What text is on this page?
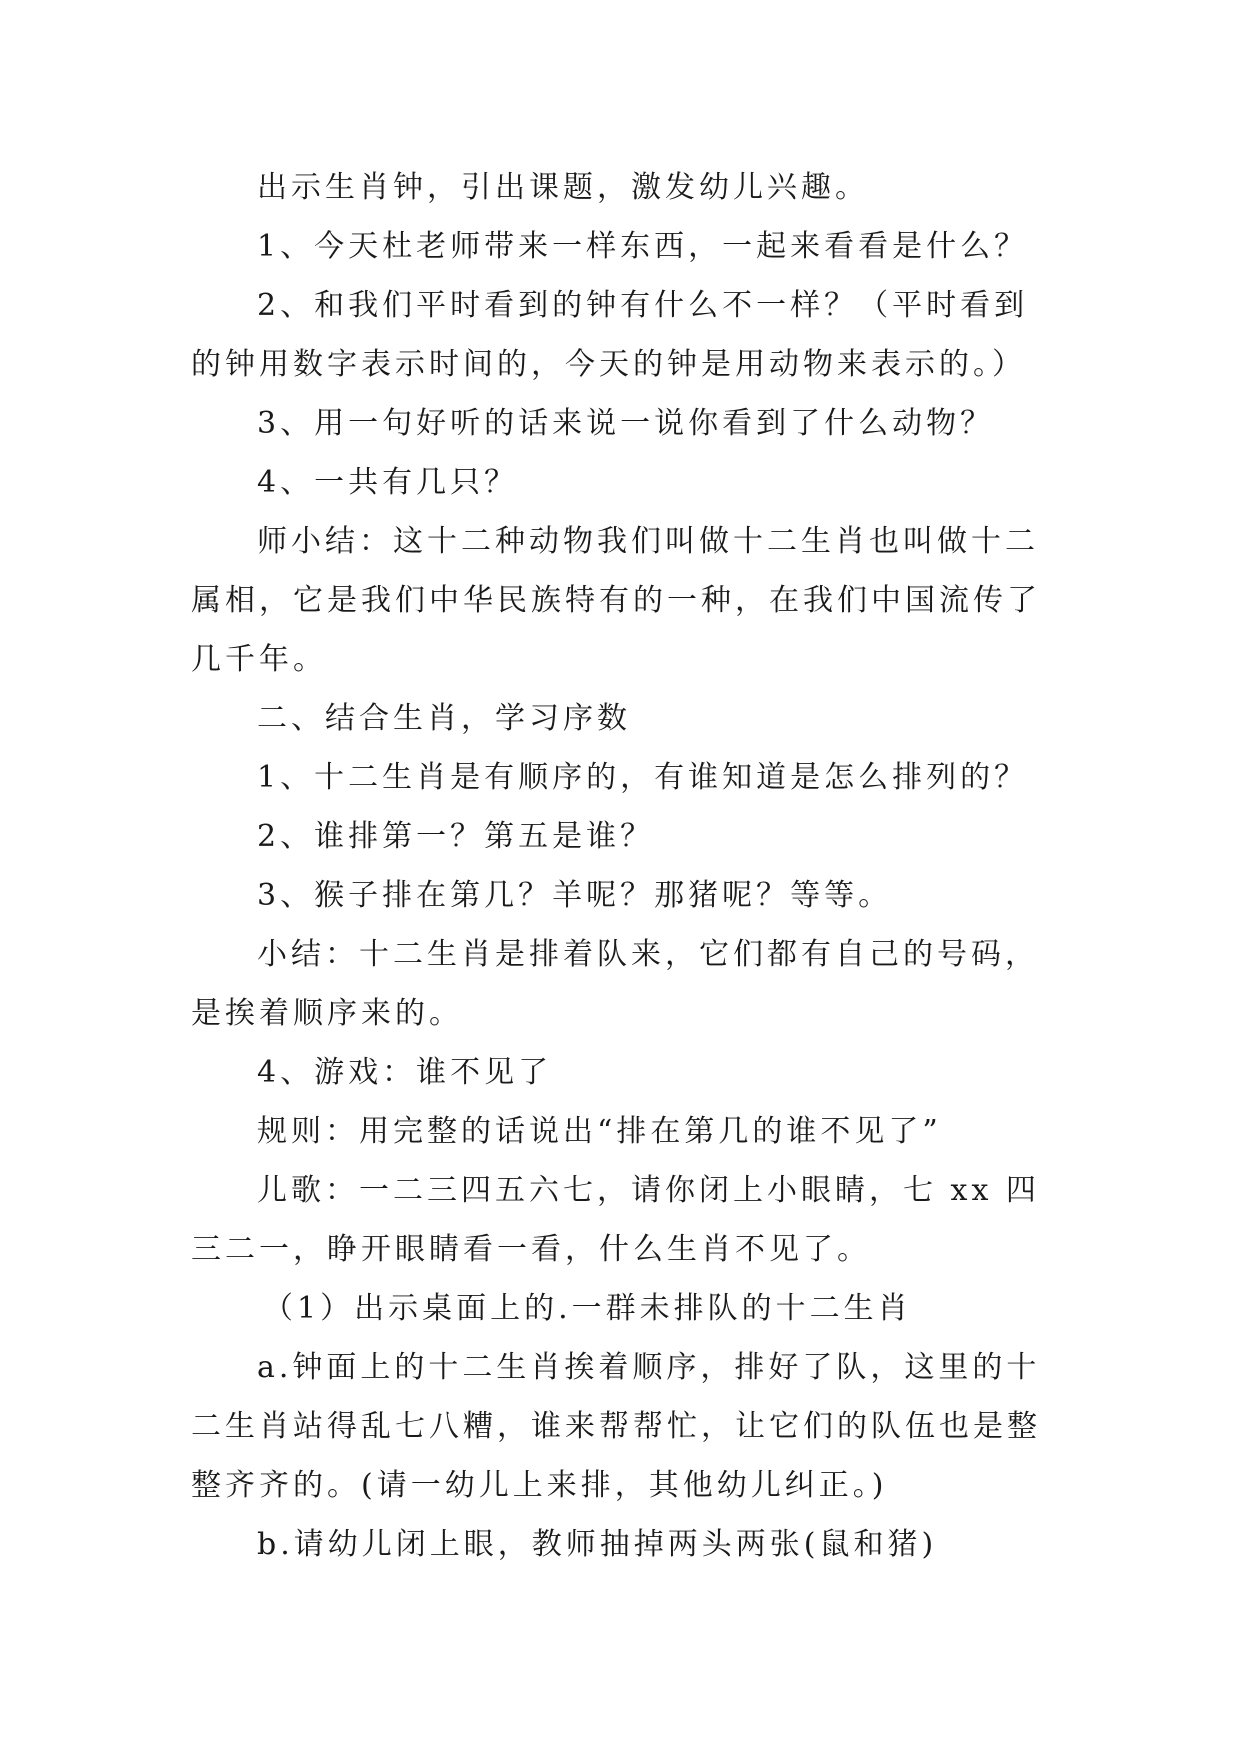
出示生肖钟，引出课题，激发幼儿兴趣。

1、今天杜老师带来一样东西，一起来看看是什么？

2、和我们平时看到的钟有什么不一样？（平时看到的钟用数字表示时间的，今天的钟是用动物来表示的。）

3、用一句好听的话来说一说你看到了什么动物？

4、一共有几只？

师小结：这十二种动物我们叫做十二生肖也叫做十二属相，它是我们中华民族特有的一种，在我们中国流传了几千年。

二、结合生肖，学习序数

1、十二生肖是有顺序的，有谁知道是怎么排列的？

2、谁排第一？第五是谁？

3、猴子排在第几？羊呢？那猪呢？等等。

小结：十二生肖是排着队来，它们都有自己的号码，是挨着顺序来的。

4、游戏：谁不见了

规则：用完整的话说出“排在第几的谁不见了”

儿歌：一二三四五六七，请你闭上小眼睛，七 xx 四三二一，睁开眼睛看一看，什么生肖不见了。

（1）出示桌面上的.一群未排队的十二生肖

a.钟面上的十二生肖挨着顺序，排好了队，这里的十二生肖站得乱七八糟，谁来帮帮忙，让它们的队伍也是整整齐齐的。(请一幼儿上来排，其他幼儿纠正。)

b.请幼儿闭上眼，教师抽掉两头两张(鼠和猪)
